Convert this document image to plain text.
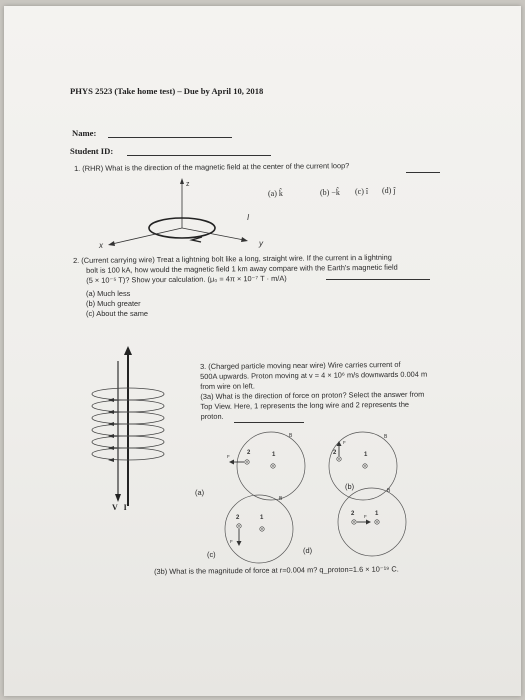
PHYS 2523 (Take home test) – Due by April 10, 2018
Name:
Student ID:
1. (RHR) What is the direction of the magnetic field at the center of the current loop?
(a) k̂	(b) −k̂ (c) î (d) ĵ
z
x	y
I
2. (Current carrying wire) Treat a lightning bolt like a long, straight wire. If the current in a lightning
bolt is 100 kA, how would the magnetic field 1 km away compare with the Earth's magnetic field
(5 × 10⁻⁵ T)? Show your calculation. (μ₀ = 4π × 10⁻⁷ T · m/A)
(a) Much less
(b) Much greater
(c) About the same
3. (Charged particle moving near wire) Wire carries current of
500A upwards. Proton moving at v = 4 × 10⁶ m/s downwards 0.004 m
from wire on left.
(3a) What is the direction of force on proton? Select the answer from
Top View. Here, 1 represents the long wire and 2 represents the
proton.
V I
2	1
B
F
2	1
B
F
2	1
B
F
2	1
B
F
(a)
(b)
(c)	(d)
(3b) What is the magnitude of force at r=0.004 m? q_proton=1.6 × 10⁻¹⁹ C.
